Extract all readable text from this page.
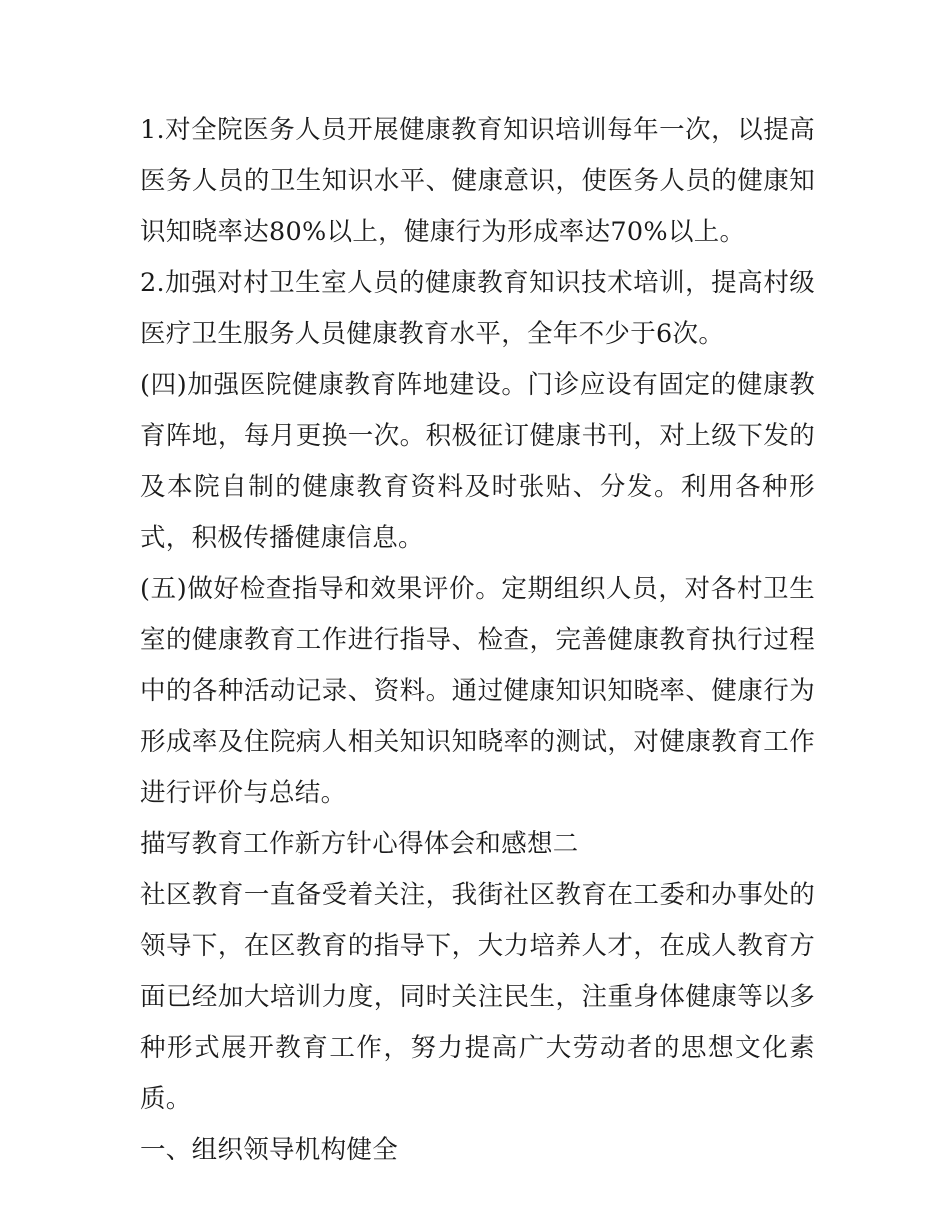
1.对全院医务人员开展健康教育知识培训每年一次，以提高医务人员的卫生知识水平、健康意识，使医务人员的健康知识知晓率达80%以上，健康行为形成率达70%以上。

2.加强对村卫生室人员的健康教育知识技术培训，提高村级医疗卫生服务人员健康教育水平，全年不少于6次。

(四)加强医院健康教育阵地建设。门诊应设有固定的健康教育阵地，每月更换一次。积极征订健康书刊，对上级下发的及本院自制的健康教育资料及时张贴、分发。利用各种形式，积极传播健康信息。

(五)做好检查指导和效果评价。定期组织人员，对各村卫生室的健康教育工作进行指导、检查，完善健康教育执行过程中的各种活动记录、资料。通过健康知识知晓率、健康行为形成率及住院病人相关知识知晓率的测试，对健康教育工作进行评价与总结。

描写教育工作新方针心得体会和感想二

社区教育一直备受着关注，我街社区教育在工委和办事处的领导下，在区教育的指导下，大力培养人才，在成人教育方面已经加大培训力度，同时关注民生，注重身体健康等以多种形式展开教育工作，努力提高广大劳动者的思想文化素质。

一、组织领导机构健全
